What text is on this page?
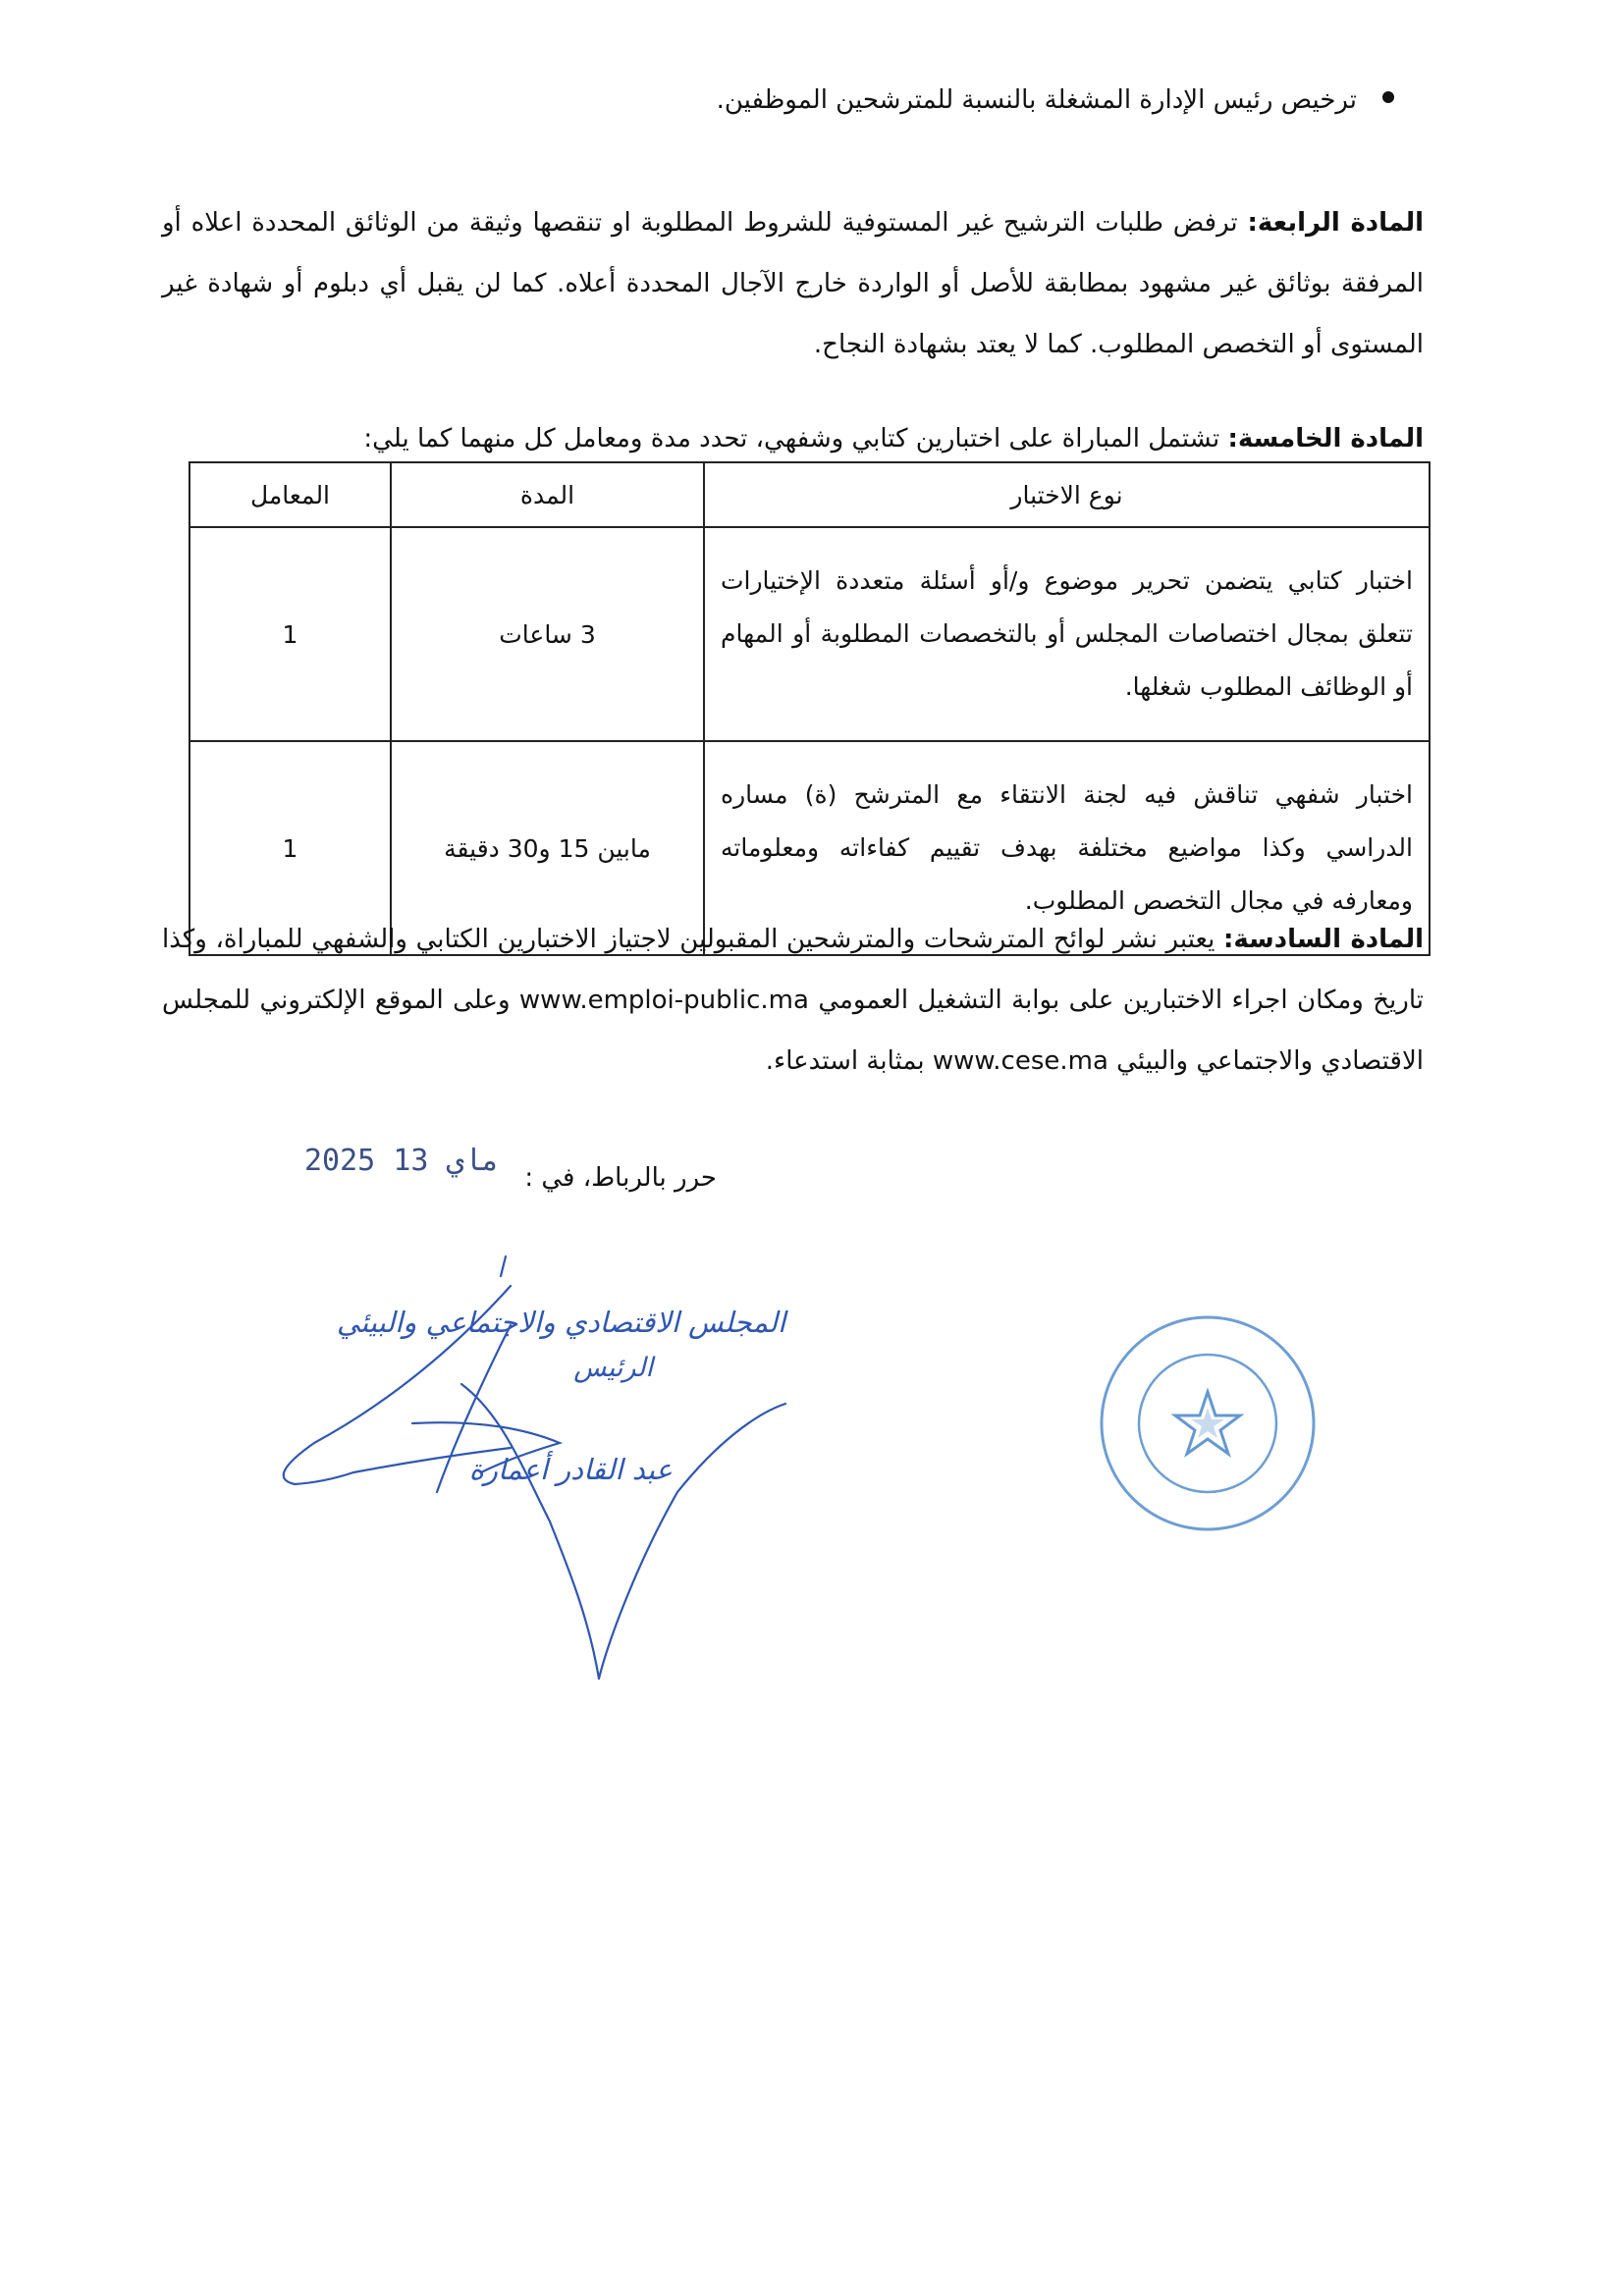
ترخيص رئيس الإدارة المشغلة بالنسبة للمترشحين الموظفين.

المادة الرابعة: ترفض طلبات الترشيح غير المستوفية للشروط المطلوبة او تنقصها وثيقة من الوثائق المحددة اعلاه أو المرفقة بوثائق غير مشهود بمطابقة للأصل أو الواردة خارج الآجال المحددة أعلاه. كما لن يقبل أي دبلوم أو شهادة غير المستوى أو التخصص المطلوب. كما لا يعتد بشهادة النجاح.

المادة الخامسة: تشتمل المباراة على اختبارين كتابي وشفهي، تحدد مدة ومعامل كل منهما كما يلي:

نوع الاختبار	المدة	المعامل
اختبار كتابي يتضمن تحرير موضوع و/أو أسئلة متعددة الإختيارات تتعلق بمجال اختصاصات المجلس أو بالتخصصات المطلوبة أو المهام أو الوظائف المطلوب شغلها.	3 ساعات	1
اختبار شفهي تناقش فيه لجنة الانتقاء مع المترشح (ة) مساره الدراسي وكذا مواضيع مختلفة بهدف تقييم كفاءاته ومعلوماته ومعارفه في مجال التخصص المطلوب.	مابين 15 و30 دقيقة	1

المادة السادسة: يعتبر نشر لوائح المترشحات والمترشحين المقبولين لاجتياز الاختبارين الكتابي والشفهي للمباراة، وكذا تاريخ ومكان اجراء الاختبارين على بوابة التشغيل العمومي www.emploi-public.ma وعلى الموقع الإلكتروني للمجلس الاقتصادي والاجتماعي والبيئي www.cese.ma بمثابة استدعاء.

حرر بالرباط، في :
2025 ماي 13
المجلس الاقتصادي والاجتماعي والبيئي
الرئيس
عبد القادر أعمارة
